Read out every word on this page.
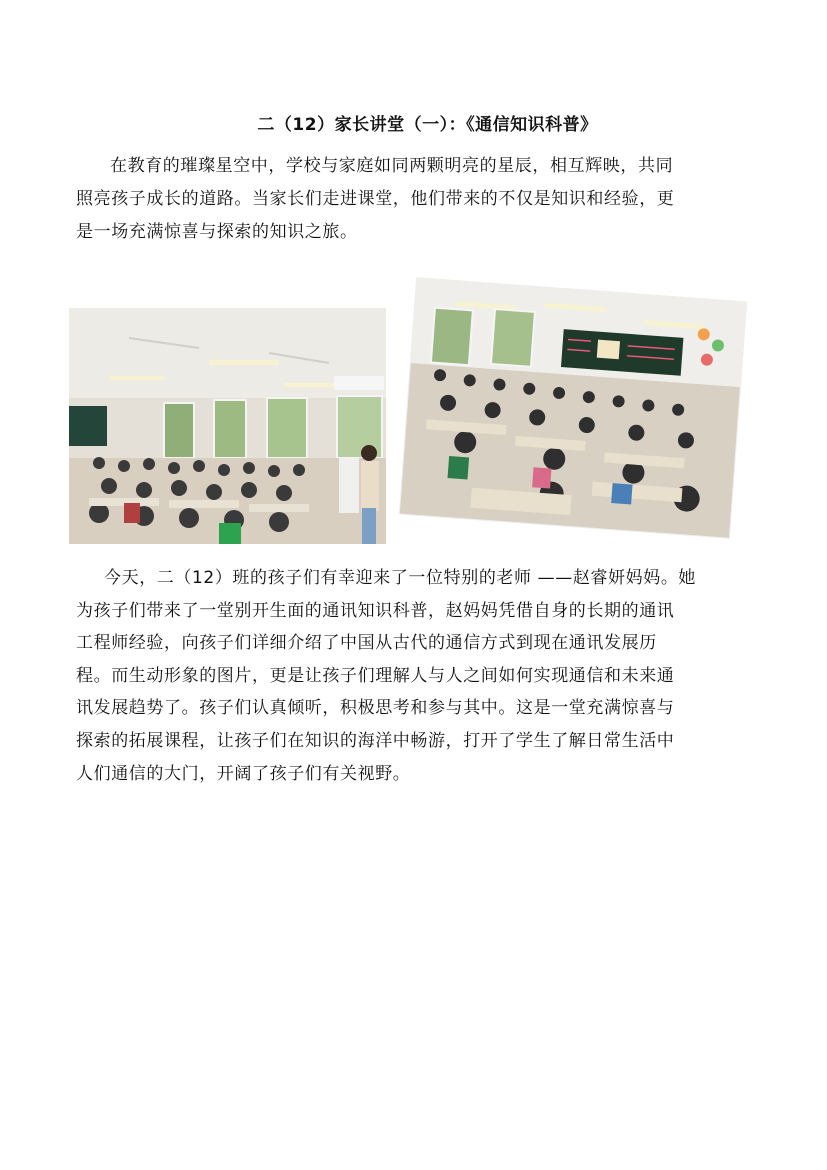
二（12）家长讲堂（一）：《通信知识科普》

在教育的璀璨星空中，学校与家庭如同两颗明亮的星辰，相互辉映，共同
照亮孩子成长的道路。当家长们走进课堂，他们带来的不仅是知识和经验，更
是一场充满惊喜与探索的知识之旅。

今天，二（12）班的孩子们有幸迎来了一位特别的老师 ——赵睿妍妈妈。她
为孩子们带来了一堂别开生面的通讯知识科普，赵妈妈凭借自身的长期的通讯
工程师经验，向孩子们详细介绍了中国从古代的通信方式到现在通讯发展历
程。而生动形象的图片，更是让孩子们理解人与人之间如何实现通信和未来通
讯发展趋势了。孩子们认真倾听，积极思考和参与其中。这是一堂充满惊喜与
探索的拓展课程，让孩子们在知识的海洋中畅游，打开了学生了解日常生活中
人们通信的大门，开阔了孩子们有关视野。
